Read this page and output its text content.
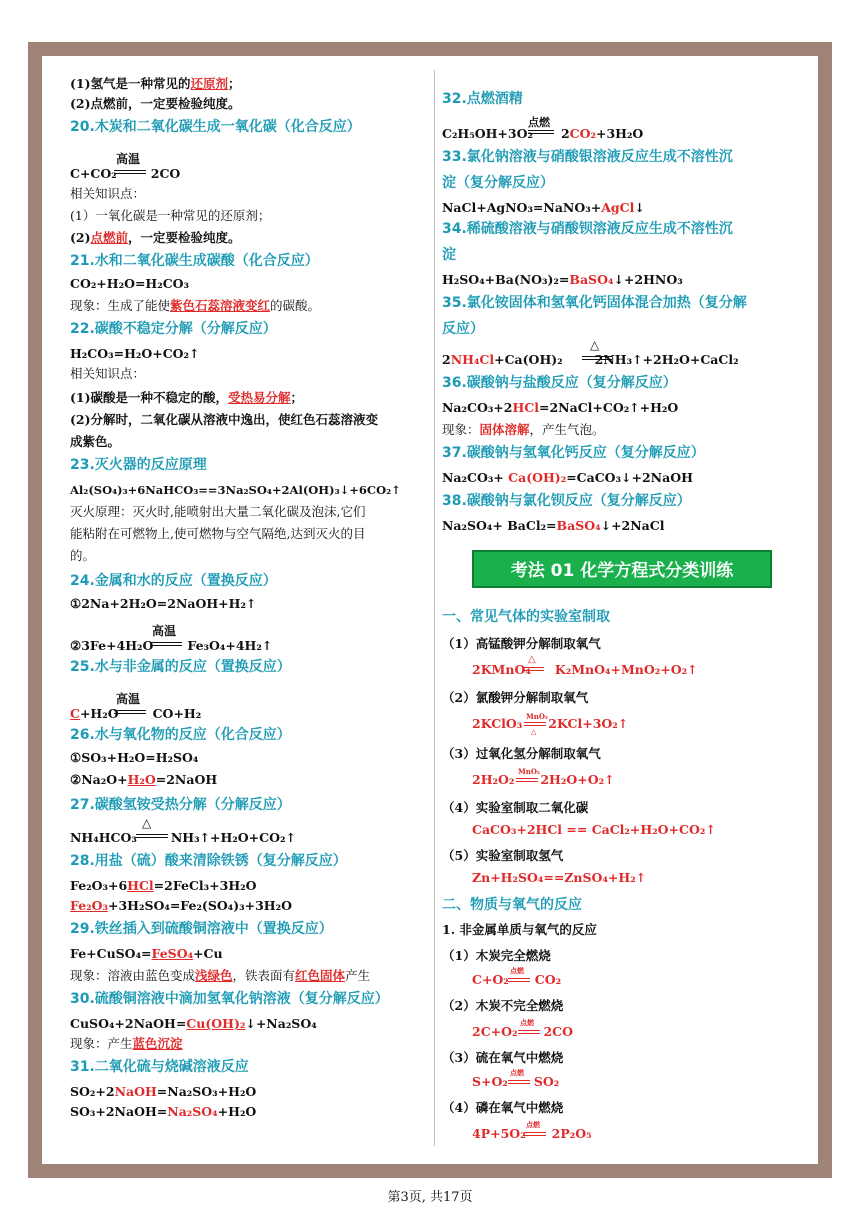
(1)氢气是一种常见的还原剂；
(2)点燃前，一定要检验纯度。
20.木炭和二氧化碳生成一氧化碳（化合反应）
高温
C+CO₂	2CO
相关知识点：
(1）一氧化碳是一种常见的还原剂；
(2)点燃前，一定要检验纯度。
21.水和二氧化碳生成碳酸（化合反应）
CO₂+H₂O=H₂CO₃
现象：生成了能使紫色石蕊溶液变红的碳酸。
22.碳酸不稳定分解（分解反应）
H₂CO₃=H₂O+CO₂↑
相关知识点：
(1)碳酸是一种不稳定的酸，受热易分解；
(2)分解时，二氧化碳从溶液中逸出，使红色石蕊溶液变
成紫色。
23.灭火器的反应原理
Al₂(SO₄)₃+6NaHCO₃==3Na₂SO₄+2Al(OH)₃↓+6CO₂↑
灭火原理：灭火时,能喷射出大量二氧化碳及泡沫,它们
能粘附在可燃物上,使可燃物与空气隔绝,达到灭火的目
的。
24.金属和水的反应（置换反应）
①2Na+2H₂O=2NaOH+H₂↑
高温
②3Fe+4H₂O	Fe₃O₄+4H₂↑
25.水与非金属的反应（置换反应）
高温
C+H₂O	CO+H₂
26.水与氧化物的反应（化合反应）
①SO₃+H₂O=H₂SO₄
②Na₂O+H₂O=2NaOH
27.碳酸氢铵受热分解（分解反应）
△
NH₄HCO₃	NH₃↑+H₂O+CO₂↑
28.用盐（硫）酸来清除铁锈（复分解反应）
Fe₂O₃+6HCl=2FeCl₃+3H₂O
Fe₂O₃+3H₂SO₄=Fe₂(SO₄)₃+3H₂O
29.铁丝插入到硫酸铜溶液中（置换反应）
Fe+CuSO₄=FeSO₄+Cu
现象：溶液由蓝色变成浅绿色，铁表面有红色固体产生
30.硫酸铜溶液中滴加氢氧化钠溶液（复分解反应）
CuSO₄+2NaOH=Cu(OH)₂↓+Na₂SO₄
现象：产生蓝色沉淀
31.二氧化硫与烧碱溶液反应
SO₂+2NaOH=Na₂SO₃+H₂O
SO₃+2NaOH=Na₂SO₄+H₂O
32.点燃酒精
点燃
C₂H₅OH+3O₂ 2CO₂+3H₂O
33.氯化钠溶液与硝酸银溶液反应生成不溶性沉
淀（复分解反应）
NaCl+AgNO₃=NaNO₃+AgCl↓
34.稀硫酸溶液与硝酸钡溶液反应生成不溶性沉
淀
H₂SO₄+Ba(NO₃)₂=BaSO₄↓+2HNO₃
35.氯化铵固体和氢氧化钙固体混合加热（复分解
反应）
△
2NH₄Cl+Ca(OH)₂	2NH₃↑+2H₂O+CaCl₂
36.碳酸钠与盐酸反应（复分解反应）
Na₂CO₃+2HCl=2NaCl+CO₂↑+H₂O
现象：固体溶解，产生气泡。
37.碳酸钠与氢氧化钙反应（复分解反应）
Na₂CO₃+ Ca(OH)₂=CaCO₃↓+2NaOH
38.碳酸钠与氯化钡反应（复分解反应）
Na₂SO₄+ BaCl₂=BaSO₄↓+2NaCl
考法 01 化学方程式分类训练
一、常见气体的实验室制取
（1）高锰酸钾分解制取氧气
2KMnO₄ K₂MnO₄+MnO₂+O₂↑
△
（2）氯酸钾分解制取氧气
2KClO₃ 2KCl+3O₂↑
MnO₂
△
（3）过氧化氢分解制取氧气
2H₂O₂ 2H₂O+O₂↑
MnO₂
（4）实验室制取二氧化碳
CaCO₃+2HCl == CaCl₂+H₂O+CO₂↑
（5）实验室制取氢气
Zn+H₂SO₄==ZnSO₄+H₂↑
二、物质与氧气的反应
1. 非金属单质与氧气的反应
（1）木炭完全燃烧
C+O₂ CO₂
点燃
（2）木炭不完全燃烧
2C+O₂ 2CO
点燃
（3）硫在氧气中燃烧
S+O₂ SO₂
点燃
（4）磷在氧气中燃烧
4P+5O₂ 2P₂O₅
点燃
第3页, 共17页
